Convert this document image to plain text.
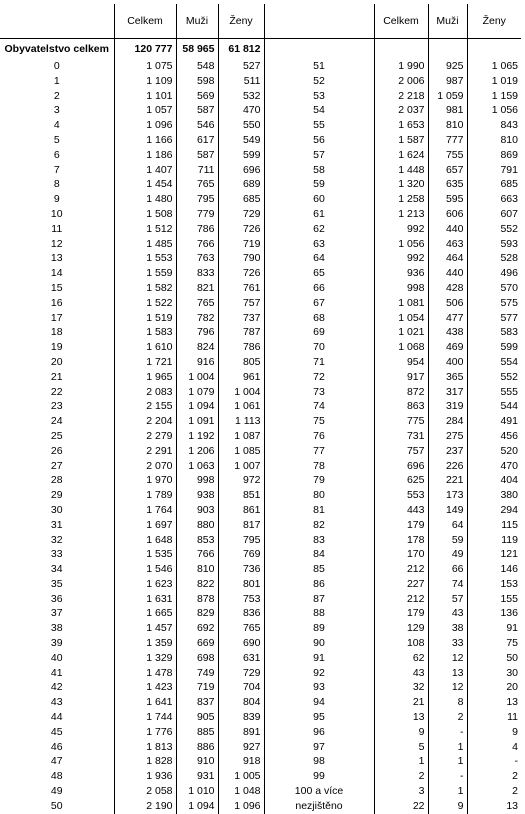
	Celkem	Muži	Ženy		Celkem	Muži	Ženy
Obyvatelstvo celkem	120 777	58 965	61 812				
0	1 075	548	527	51	1 990	925	1 065
1	1 109	598	511	52	2 006	987	1 019
2	1 101	569	532	53	2 218	1 059	1 159
3	1 057	587	470	54	2 037	981	1 056
4	1 096	546	550	55	1 653	810	843
5	1 166	617	549	56	1 587	777	810
6	1 186	587	599	57	1 624	755	869
7	1 407	711	696	58	1 448	657	791
8	1 454	765	689	59	1 320	635	685
9	1 480	795	685	60	1 258	595	663
10	1 508	779	729	61	1 213	606	607
11	1 512	786	726	62	992	440	552
12	1 485	766	719	63	1 056	463	593
13	1 553	763	790	64	992	464	528
14	1 559	833	726	65	936	440	496
15	1 582	821	761	66	998	428	570
16	1 522	765	757	67	1 081	506	575
17	1 519	782	737	68	1 054	477	577
18	1 583	796	787	69	1 021	438	583
19	1 610	824	786	70	1 068	469	599
20	1 721	916	805	71	954	400	554
21	1 965	1 004	961	72	917	365	552
22	2 083	1 079	1 004	73	872	317	555
23	2 155	1 094	1 061	74	863	319	544
24	2 204	1 091	1 113	75	775	284	491
25	2 279	1 192	1 087	76	731	275	456
26	2 291	1 206	1 085	77	757	237	520
27	2 070	1 063	1 007	78	696	226	470
28	1 970	998	972	79	625	221	404
29	1 789	938	851	80	553	173	380
30	1 764	903	861	81	443	149	294
31	1 697	880	817	82	179	64	115
32	1 648	853	795	83	178	59	119
33	1 535	766	769	84	170	49	121
34	1 546	810	736	85	212	66	146
35	1 623	822	801	86	227	74	153
36	1 631	878	753	87	212	57	155
37	1 665	829	836	88	179	43	136
38	1 457	692	765	89	129	38	91
39	1 359	669	690	90	108	33	75
40	1 329	698	631	91	62	12	50
41	1 478	749	729	92	43	13	30
42	1 423	719	704	93	32	12	20
43	1 641	837	804	94	21	8	13
44	1 744	905	839	95	13	2	11
45	1 776	885	891	96	9	-	9
46	1 813	886	927	97	5	1	4
47	1 828	910	918	98	1	1	-
48	1 936	931	1 005	99	2	-	2
49	2 058	1 010	1 048	100 a více	3	1	2
50	2 190	1 094	1 096	nezjištěno	22	9	13
